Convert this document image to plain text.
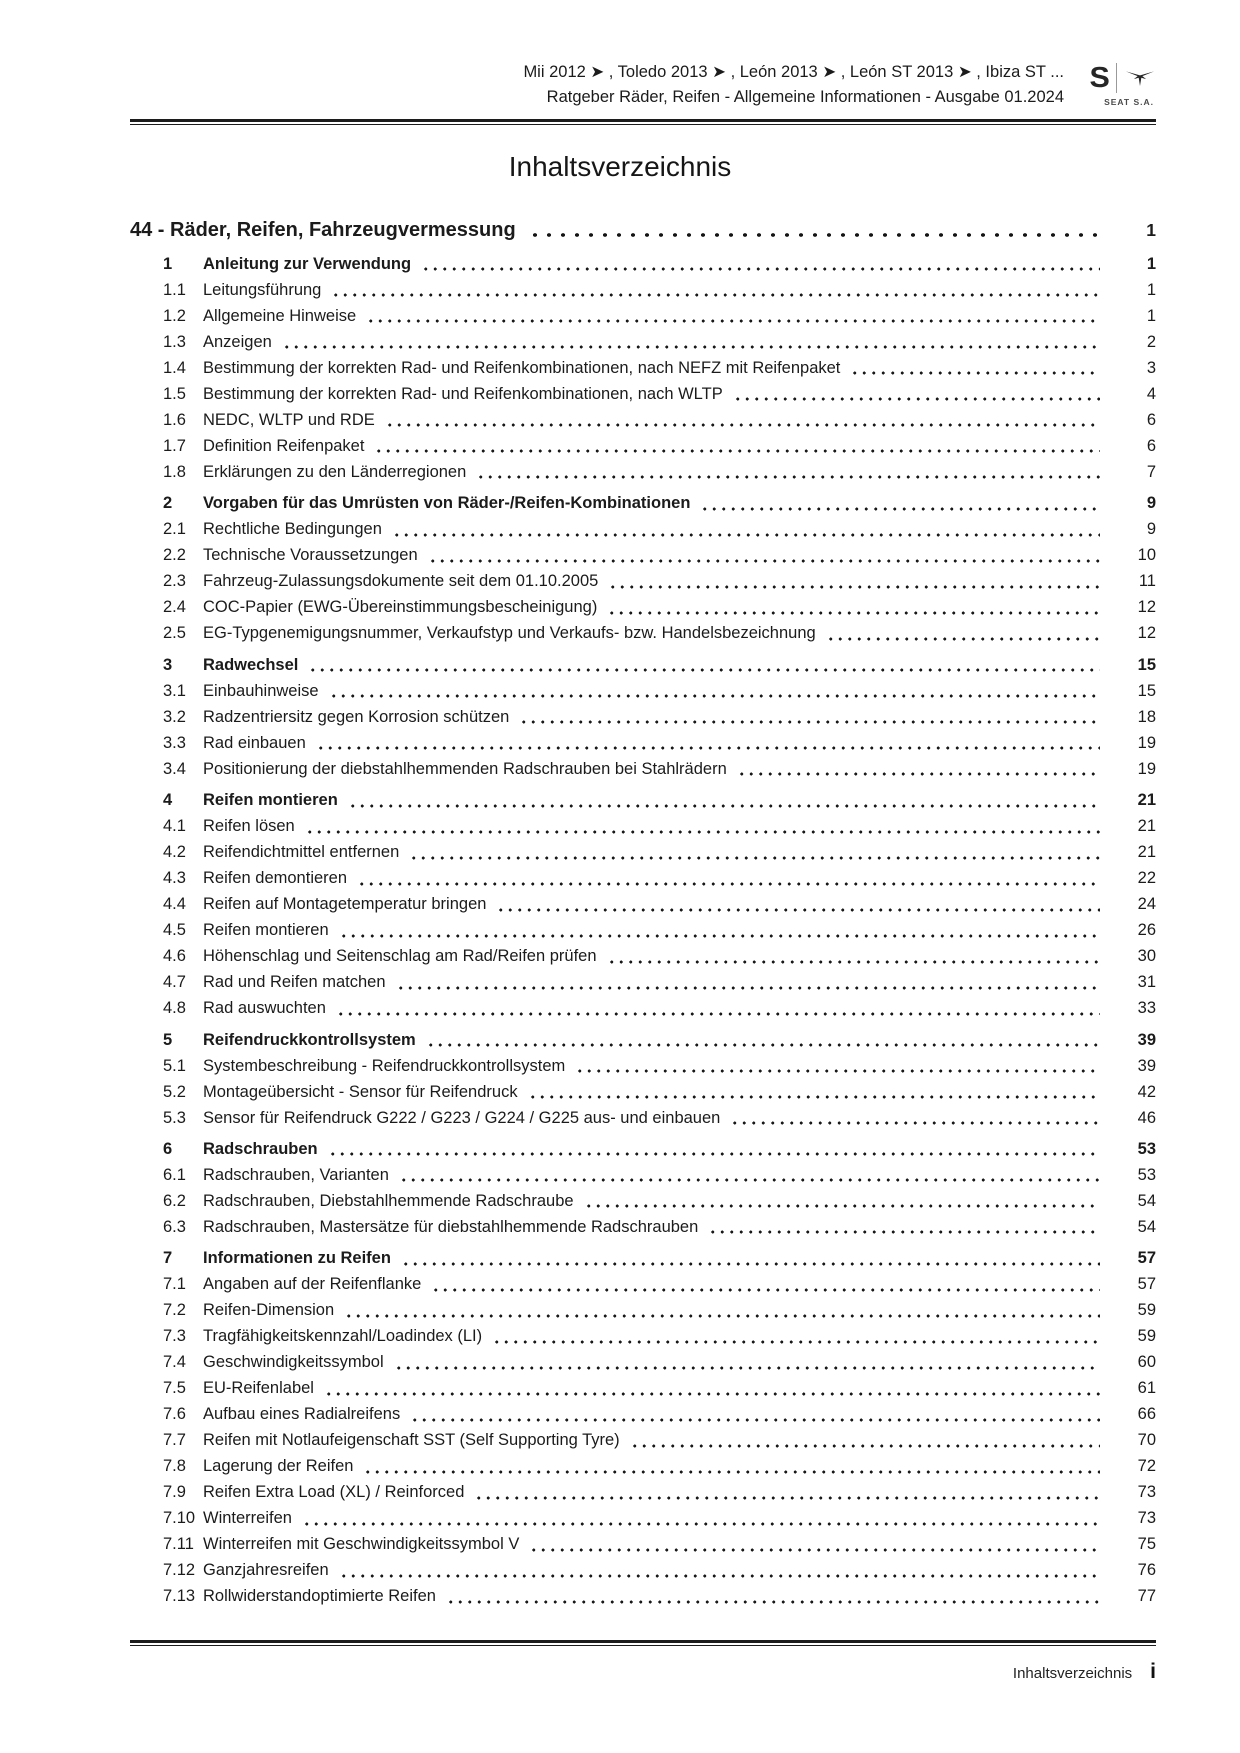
Mii 2012 ➤ , Toledo 2013 ➤ , León 2013 ➤ , León ST 2013 ➤ , Ibiza ST ...
Ratgeber Räder, Reifen - Allgemeine Informationen - Ausgabe 01.2024
S
SEAT S.A.
Inhaltsverzeichnis
44 - Räder, Reifen, Fahrzeugvermessung	1
1	Anleitung zur Verwendung	1
1.1	Leitungsführung	1
1.2	Allgemeine Hinweise	1
1.3	Anzeigen	2
1.4	Bestimmung der korrekten Rad- und Reifenkombinationen, nach NEFZ mit Reifenpaket	3
1.5	Bestimmung der korrekten Rad- und Reifenkombinationen, nach WLTP	4
1.6	NEDC, WLTP und RDE	6
1.7	Definition Reifenpaket	6
1.8	Erklärungen zu den Länderregionen	7
2	Vorgaben für das Umrüsten von Räder-/Reifen-Kombinationen	9
2.1	Rechtliche Bedingungen	9
2.2	Technische Voraussetzungen	10
2.3	Fahrzeug-Zulassungsdokumente seit dem 01.10.2005	11
2.4	COC-Papier (EWG-Übereinstimmungsbescheinigung)	12
2.5	EG-Typgenemigungsnummer, Verkaufstyp und Verkaufs- bzw. Handelsbezeichnung	12
3	Radwechsel	15
3.1	Einbauhinweise	15
3.2	Radzentriersitz gegen Korrosion schützen	18
3.3	Rad einbauen	19
3.4	Positionierung der diebstahlhemmenden Radschrauben bei Stahlrädern	19
4	Reifen montieren	21
4.1	Reifen lösen	21
4.2	Reifendichtmittel entfernen	21
4.3	Reifen demontieren	22
4.4	Reifen auf Montagetemperatur bringen	24
4.5	Reifen montieren	26
4.6	Höhenschlag und Seitenschlag am Rad/Reifen prüfen	30
4.7	Rad und Reifen matchen	31
4.8	Rad auswuchten	33
5	Reifendruckkontrollsystem	39
5.1	Systembeschreibung - Reifendruckkontrollsystem	39
5.2	Montageübersicht - Sensor für Reifendruck	42
5.3	Sensor für Reifendruck G222 / G223 / G224 / G225 aus- und einbauen	46
6	Radschrauben	53
6.1	Radschrauben, Varianten	53
6.2	Radschrauben, Diebstahlhemmende Radschraube	54
6.3	Radschrauben, Mastersätze für diebstahlhemmende Radschrauben	54
7	Informationen zu Reifen	57
7.1	Angaben auf der Reifenflanke	57
7.2	Reifen-Dimension	59
7.3	Tragfähigkeitskennzahl/Loadindex (LI)	59
7.4	Geschwindigkeitssymbol	60
7.5	EU-Reifenlabel	61
7.6	Aufbau eines Radialreifens	66
7.7	Reifen mit Notlaufeigenschaft SST (Self Supporting Tyre)	70
7.8	Lagerung der Reifen	72
7.9	Reifen Extra Load (XL) / Reinforced	73
7.10 Winterreifen	73
7.11 Winterreifen mit Geschwindigkeitssymbol V	75
7.12 Ganzjahresreifen	76
7.13 Rollwiderstandoptimierte Reifen	77
Inhaltsverzeichnis i
